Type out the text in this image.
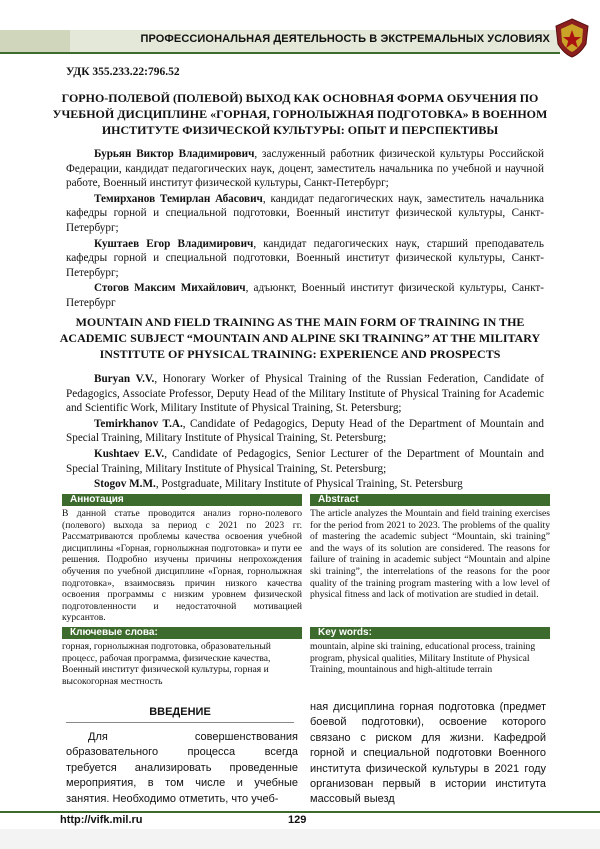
ПРОФЕССИОНАЛЬНАЯ ДЕЯТЕЛЬНОСТЬ В ЭКСТРЕМАЛЬНЫХ УСЛОВИЯХ
УДК 355.233.22:796.52
ГОРНО-ПОЛЕВОЙ (ПОЛЕВОЙ) ВЫХОД КАК ОСНОВНАЯ ФОРМА ОБУЧЕНИЯ ПО УЧЕБНОЙ ДИСЦИПЛИНЕ «ГОРНАЯ, ГОРНОЛЫЖНАЯ ПОДГОТОВКА» В ВОЕННОМ ИНСТИТУТЕ ФИЗИЧЕСКОЙ КУЛЬТУРЫ: ОПЫТ И ПЕРСПЕКТИВЫ

Бурьян Виктор Владимирович, заслуженный работник физической культуры Российской Федерации, кандидат педагогических наук, доцент, заместитель начальника по учебной и научной работе, Военный институт физической культуры, Санкт-Петербург;

Темирханов Темирлан Абасович, кандидат педагогических наук, заместитель начальника кафедры горной и специальной подготовки, Военный институт физической культуры, Санкт-Петербург;

Куштаев Егор Владимирович, кандидат педагогических наук, старший преподаватель кафедры горной и специальной подготовки, Военный институт физической культуры, Санкт-Петербург;

Стогов Максим Михайлович, адъюнкт, Военный институт физической культуры, Санкт-Петербург

MOUNTAIN AND FIELD TRAINING AS THE MAIN FORM OF TRAINING IN THE ACADEMIC SUBJECT “MOUNTAIN AND ALPINE SKI TRAINING” AT THE MILITARY INSTITUTE OF PHYSICAL TRAINING: EXPERIENCE AND PROSPECTS

Buryan V.V., Honorary Worker of Physical Training of the Russian Federation, Candidate of Pedagogics, Associate Professor, Deputy Head of the Military Institute of Physical Training for Academic and Scientific Work, Military Institute of Physical Training, St. Petersburg;

Temirkhanov T.A., Candidate of Pedagogics, Deputy Head of the Department of Mountain and Special Training, Military Institute of Physical Training, St. Petersburg;

Kushtaev E.V., Candidate of Pedagogics, Senior Lecturer of the Department of Mountain and Special Training, Military Institute of Physical Training, St. Petersburg;

Stogov M.M., Postgraduate, Military Institute of Physical Training, St. Petersburg

Аннотация
В данной статье проводится анализ горно-полевого (полевого) выхода за период с 2021 по 2023 гг. Рассматриваются проблемы качества освоения учебной дисциплины «Горная, горнолыжная подготовка» и пути ее решения. Подробно изучены причины непрохождения обучения по учебной дисциплине «Горная, горнолыжная подготовка», взаимосвязь причин низкого качества освоения программы с низким уровнем физической подготовленности и недостаточной мотивацией курсантов.
Abstract
The article analyzes the Mountain and field training exercises for the period from 2021 to 2023. The problems of the quality of mastering the academic subject “Mountain, ski training” and the ways of its solution are considered. The reasons for failure of training in academic subject “Mountain and alpine ski training”, the interrelations of the reasons for the poor quality of the training program mastering with a low level of physical fitness and lack of motivation are studied in detail.
Ключевые слова:
горная, горнолыжная подготовка, образовательный процесс, рабочая программа, физические качества, Военный институт физической культуры, горная и высокогорная местность
Key words:
mountain, alpine ski training, educational process, training program, physical qualities, Military Institute of Physical Training, mountainous and high-altitude terrain
ВВЕДЕНИЕ
Для совершенствования образовательного процесса всегда требуется анализировать проведенные мероприятия, в том числе и учебные занятия. Необходимо отметить, что учеб-
ная дисциплина горная подготовка (предмет боевой подготовки), освоение которого связано с риском для жизни. Кафедрой горной и специальной подготовки Военного института физической культуры в 2021 году организован первый в истории института массовый выезд
http://vifk.mil.ru	129
